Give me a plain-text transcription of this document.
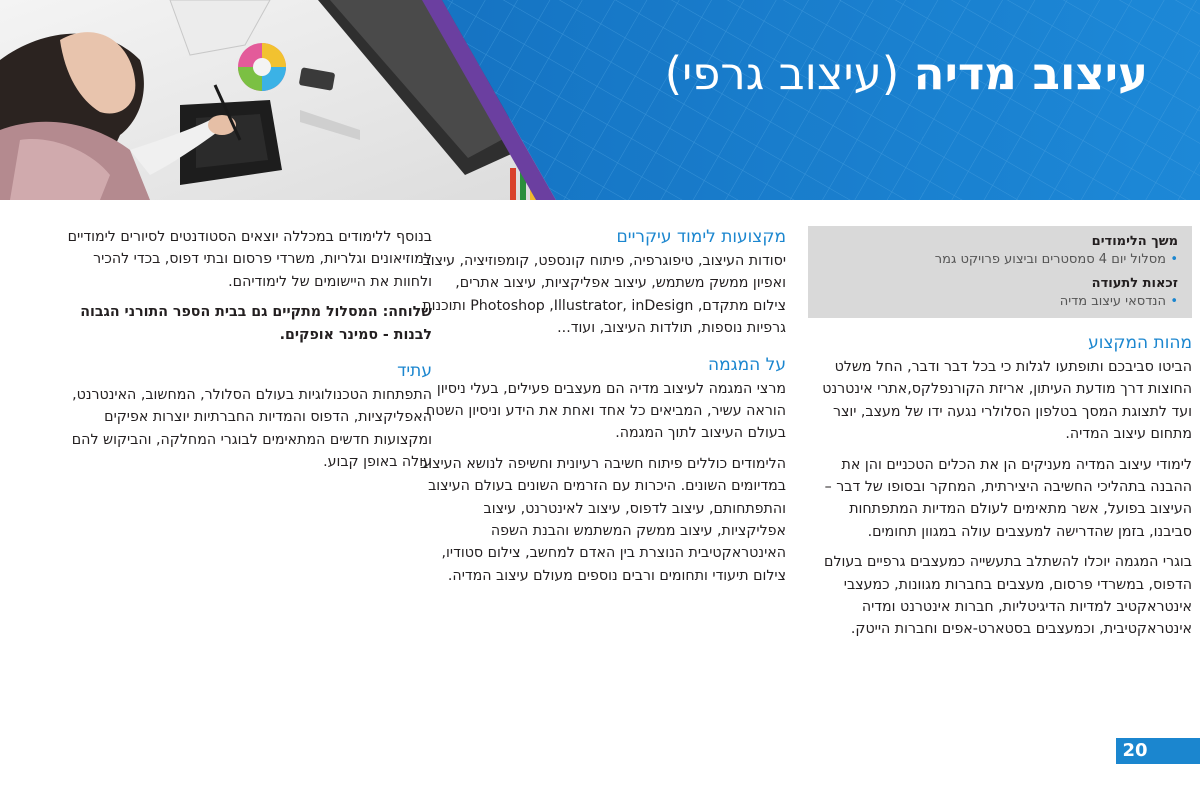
עיצוב מדיה (עיצוב גרפי)
משך הלימודים
•
מסלול יום 4 סמסטרים וביצוע פרויקט גמר
זכאות לתעודה
•
הנדסאי עיצוב מדיה
מהות המקצוע

הביטו סביבכם ותופתעו לגלות כי בכל דבר ודבר, החל משלט החוצות דרך מודעת העיתון, אריזת הקורנפלקס,אתרי אינטרנט ועד לתצוגת המסך בטלפון הסלולרי נגעה ידו של מעצב, יוצר מתחום עיצוב המדיה.

לימודי עיצוב המדיה מעניקים הן את הכלים הטכניים והן את ההבנה בתהליכי החשיבה היצירתית, המחקר ובסופו של דבר – העיצוב בפועל, אשר מתאימים לעולם המדיות המתפתחות סביבנו, בזמן שהדרישה למעצבים עולה במגוון תחומים.

בוגרי המגמה יוכלו להשתלב בתעשייה כמעצבים גרפיים בעולם הדפוס, במשרדי פרסום, מעצבים בחברות מגוונות, כמעצבי אינטראקטיב למדיות הדיגיטליות, חברות אינטרנט ומדיה אינטראקטיבית, וכמעצבים בסטארט-אפים וחברות הייטק.

מקצועות לימוד עיקריים

יסודות העיצוב, טיפוגרפיה, פיתוח קונספט, קומפוזיציה, עיצוב ואפיון ממשק משתמש, עיצוב אפליקציות, עיצוב אתרים, צילום מתקדם, Photoshop ,Illustrator, inDesign ותוכנות גרפיות נוספות, תולדות העיצוב, ועוד...

על המגמה

מרצי המגמה לעיצוב מדיה הם מעצבים פעילים, בעלי ניסיון הוראה עשיר, המביאים כל אחד ואחת את הידע וניסיון השטח בעולם העיצוב לתוך המגמה.

הלימודים כוללים פיתוח חשיבה רעיונית וחשיפה לנושא העיצוב במדיומים השונים. היכרות עם הזרמים השונים בעולם העיצוב והתפתחותם, עיצוב לדפוס, עיצוב לאינטרנט, עיצוב אפליקציות, עיצוב ממשק המשתמש והבנת השפה האינטראקטיבית הנוצרת בין האדם למחשב, צילום סטודיו, צילום תיעודי ותחומים ורבים נוספים מעולם עיצוב המדיה.

בנוסף ללימודים במכללה יוצאים הסטודנטים לסיורים לימודיים למוזיאונים וגלריות, משרדי פרסום ובתי דפוס, בכדי להכיר ולחוות את היישומים של לימודיהם.

שלוחה: המסלול מתקיים גם בבית הספר התורני הגבוה לבנות - סמינר אופקים.

עתיד

התפתחות הטכנולוגיות בעולם הסלולר, המחשוב, האינטרנט, האפליקציות, הדפוס והמדיות החברתיות יוצרות אפיקים ומקצועות חדשים המתאימים לבוגרי המחלקה, והביקוש להם עולה באופן קבוע.

20
